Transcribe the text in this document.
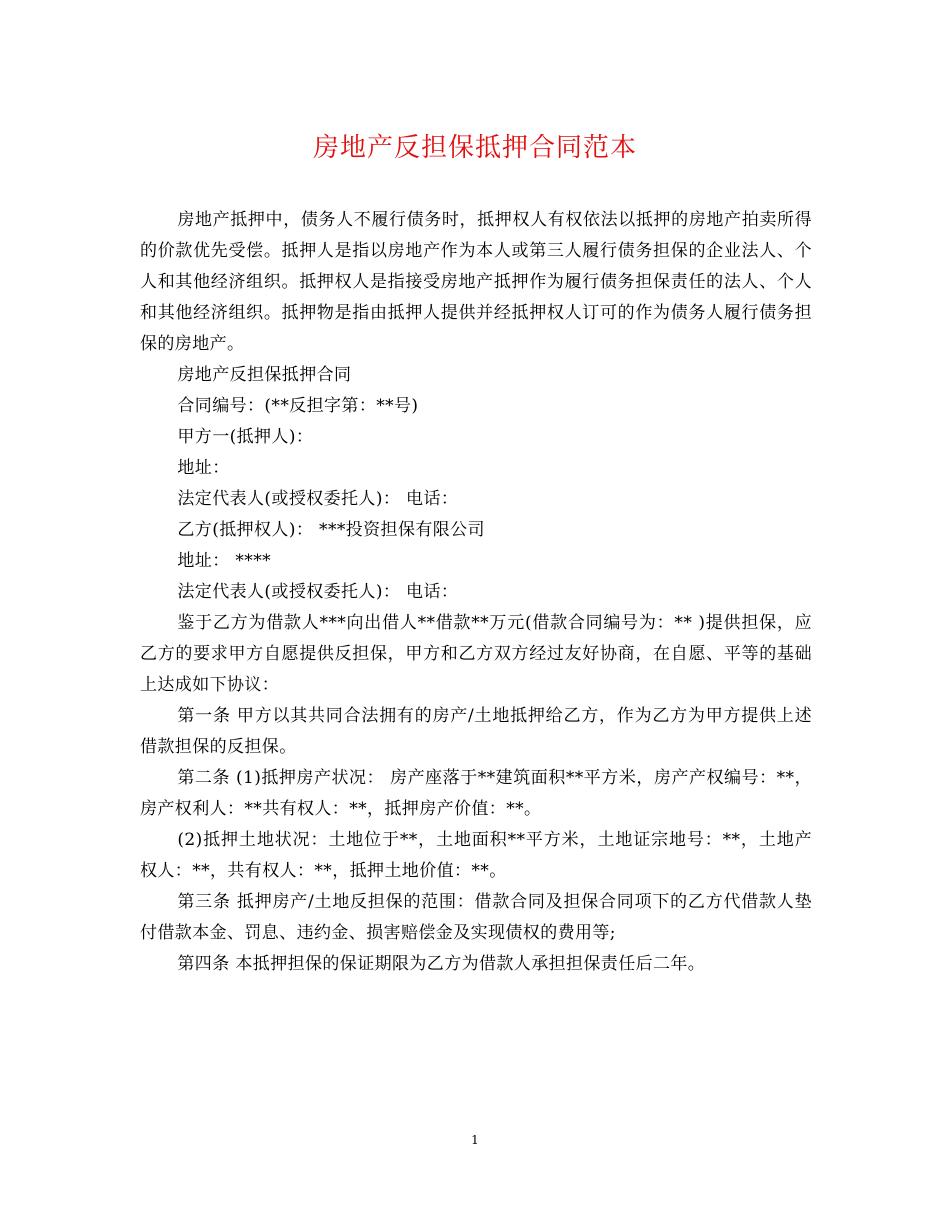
房地产反担保抵押合同范本

房地产抵押中，债务人不履行债务时，抵押权人有权依法以抵押的房地产拍卖所得的价款优先受偿。抵押人是指以房地产作为本人或第三人履行债务担保的企业法人、个人和其他经济组织。抵押权人是指接受房地产抵押作为履行债务担保责任的法人、个人和其他经济组织。抵押物是指由抵押人提供并经抵押权人订可的作为债务人履行债务担保的房地产。

房地产反担保抵押合同

合同编号：(**反担字第：**号)

甲方一(抵押人)：

地址：

法定代表人(或授权委托人)： 电话：

乙方(抵押权人)： ***投资担保有限公司

地址： ****

法定代表人(或授权委托人)： 电话：

鉴于乙方为借款人***向出借人**借款**万元(借款合同编号为：** )提供担保，应乙方的要求甲方自愿提供反担保，甲方和乙方双方经过友好协商，在自愿、平等的基础上达成如下协议：

第一条 甲方以其共同合法拥有的房产/土地抵押给乙方，作为乙方为甲方提供上述借款担保的反担保。

第二条 (1)抵押房产状况： 房产座落于**建筑面积**平方米，房产产权编号：**，房产权利人：**共有权人：**，抵押房产价值：**。

(2)抵押土地状况：土地位于**，土地面积**平方米，土地证宗地号：**，土地产权人：**，共有权人：**，抵押土地价值：**。

第三条 抵押房产/土地反担保的范围：借款合同及担保合同项下的乙方代借款人垫付借款本金、罚息、违约金、损害赔偿金及实现债权的费用等;

第四条 本抵押担保的保证期限为乙方为借款人承担担保责任后二年。

1
